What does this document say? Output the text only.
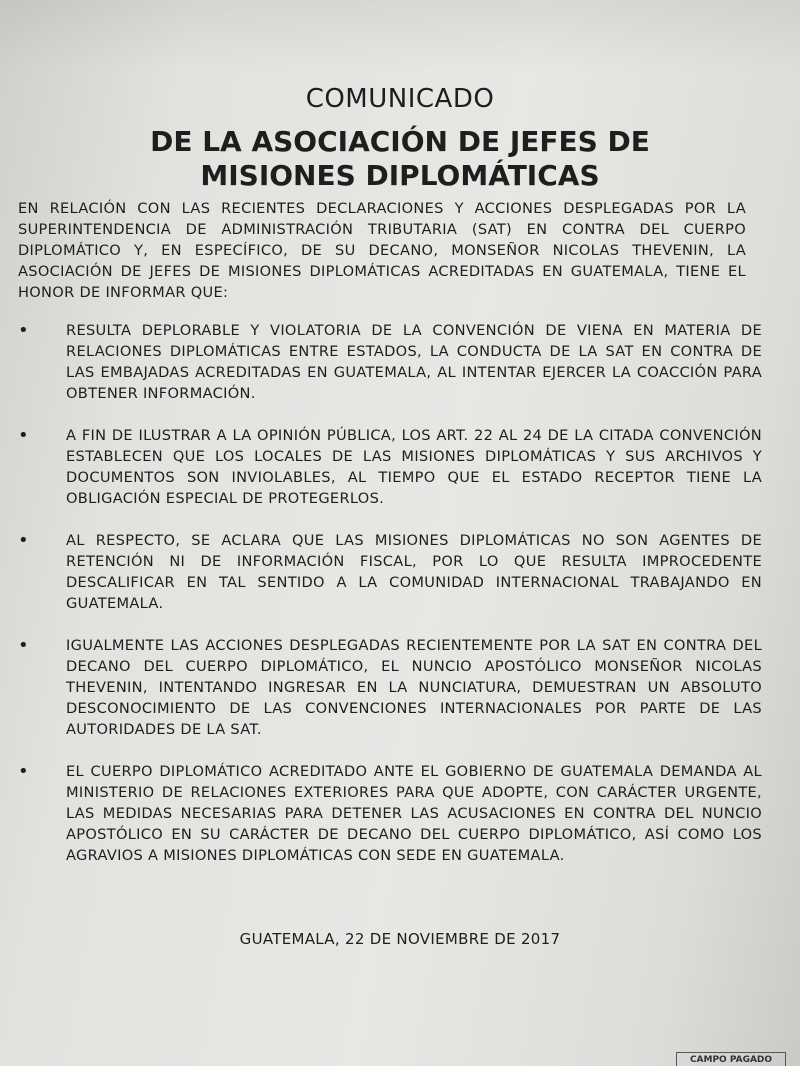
COMUNICADO
DE LA ASOCIACIÓN DE JEFES DE
MISIONES DIPLOMÁTICAS

EN RELACIÓN CON LAS RECIENTES DECLARACIONES Y ACCIONES DESPLEGADAS POR LA SUPERINTENDENCIA DE ADMINISTRACIÓN TRIBUTARIA (SAT) EN CONTRA DEL CUERPO DIPLOMÁTICO Y, EN ESPECÍFICO, DE SU DECANO, MONSEÑOR NICOLAS THEVENIN, LA ASOCIACIÓN DE JEFES DE MISIONES DIPLOMÁTICAS ACREDITADAS EN GUATEMALA, TIENE EL HONOR DE INFORMAR QUE:

•	RESULTA DEPLORABLE Y VIOLATORIA DE LA CONVENCIÓN DE VIENA EN MATERIA DE RELACIONES DIPLOMÁTICAS ENTRE ESTADOS, LA CONDUCTA DE LA SAT EN CONTRA DE LAS EMBAJADAS ACREDITADAS EN GUATEMALA, AL INTENTAR EJERCER LA COACCIÓN PARA OBTENER INFORMACIÓN.
•	A FIN DE ILUSTRAR A LA OPINIÓN PÚBLICA, LOS ART. 22 AL 24 DE LA CITADA CONVENCIÓN ESTABLECEN QUE LOS LOCALES DE LAS MISIONES DIPLOMÁTICAS Y SUS ARCHIVOS Y DOCUMENTOS SON INVIOLABLES, AL TIEMPO QUE EL ESTADO RECEPTOR TIENE LA OBLIGACIÓN ESPECIAL DE PROTEGERLOS.
•	AL RESPECTO, SE ACLARA QUE LAS MISIONES DIPLOMÁTICAS NO SON AGENTES DE RETENCIÓN NI DE INFORMACIÓN FISCAL, POR LO QUE RESULTA IMPROCEDENTE DESCALIFICAR EN TAL SENTIDO A LA COMUNIDAD INTERNACIONAL TRABAJANDO EN GUATEMALA.
•	IGUALMENTE LAS ACCIONES DESPLEGADAS RECIENTEMENTE POR LA SAT EN CONTRA DEL DECANO DEL CUERPO DIPLOMÁTICO, EL NUNCIO APOSTÓLICO MONSEÑOR NICOLAS THEVENIN, INTENTANDO INGRESAR EN LA NUNCIATURA, DEMUESTRAN UN ABSOLUTO DESCONOCIMIENTO DE LAS CONVENCIONES INTERNACIONALES POR PARTE DE LAS AUTORIDADES DE LA SAT.
•	EL CUERPO DIPLOMÁTICO ACREDITADO ANTE EL GOBIERNO DE GUATEMALA DEMANDA AL MINISTERIO DE RELACIONES EXTERIORES PARA QUE ADOPTE, CON CARÁCTER URGENTE, LAS MEDIDAS NECESARIAS PARA DETENER LAS ACUSACIONES EN CONTRA DEL NUNCIO APOSTÓLICO EN SU CARÁCTER DE DECANO DEL CUERPO DIPLOMÁTICO, ASÍ COMO LOS AGRAVIOS A MISIONES DIPLOMÁTICAS CON SEDE EN GUATEMALA.
GUATEMALA, 22 DE NOVIEMBRE DE 2017
CAMPO PAGADO
